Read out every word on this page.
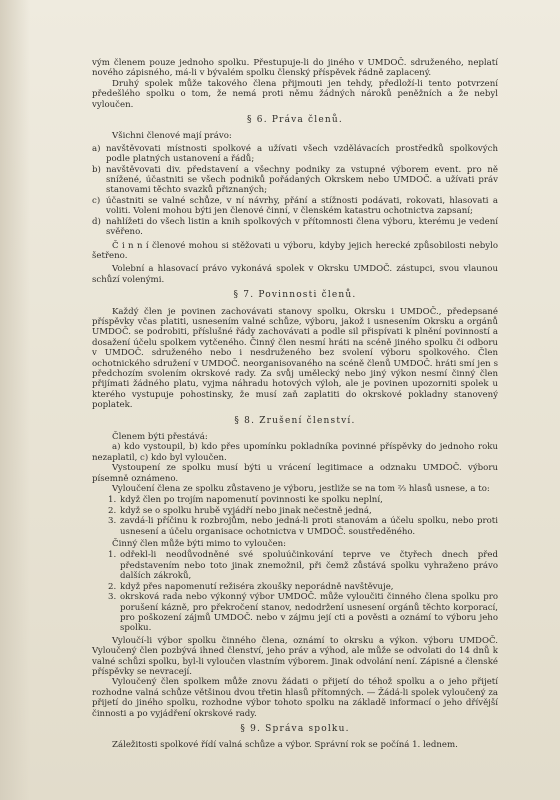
vým členem pouze jednoho spolku. Přestupuje-li do jiného v UMDOČ. sdruženého, neplatí nového zápisného, má-li v bývalém spolku členský příspěvek řádně zaplacený.

Druhý spolek může takového člena přijmouti jen tehdy, předloží-li tento potvrzení předešlého spolku o tom, že nemá proti němu žádných nároků peněžních a že nebyl vyloučen.

§ 6. Práva členů.

Všichni členové mají právo:

a) navštěvovati místnosti spolkové a užívati všech vzdělávacích prostředků spolkových podle platných ustanovení a řádů;
b) navštěvovati div. představení a všechny podniky za vstupné výborem event. pro ně snížené, účastniti se všech podniků pořádaných Okrskem nebo UMDOČ. a užívati práv stanovami těchto svazků přiznaných;
c) účastniti se valné schůze, v ní návrhy, přání a stížnosti podávati, rokovati, hlasovati a voliti. Voleni mohou býti jen členové činní, v členském katastru ochotnictva zapsaní;
d) nahlížeti do všech listin a knih spolkových v přítomnosti člena výboru, kterému je vedení svěřeno.

Č i n n í členové mohou si stěžovati u výboru, kdyby jejich herecké způsobilosti nebylo šetřeno.

Volební a hlasovací právo vykonává spolek v Okrsku UMDOČ. zástupci, svou vlaunou schůzí volenými.

§ 7. Povinnosti členů.

Každý člen je povinen zachovávati stanovy spolku, Okrsku i UMDOČ., předepsané příspěvky včas platiti, usnesením valné schůze, výboru, jakož i usnesením Okrsku a orgánů UMDOČ. se podrobiti, příslušné řády zachovávati a podle sil přispívati k plnění povinností a dosažení účelu spolkem vytčeného. Činný člen nesmí hráti na scéně jiného spolku či odboru v UMDOČ. sdruženého nebo i nesdruženého bez svolení výboru spolkového. Člen ochotnického sdružení v UMDOČ. neorganisovaného na scéně členů UMDOČ. hráti smí jen s předchozím svolením okrskové rady. Za svůj umělecký nebo jiný výkon nesmí činný člen přijímati žádného platu, vyjma náhradu hotových výloh, ale je povinen upozorniti spolek u kterého vystupuje pohostinsky, že musí zaň zaplatiti do okrskové pokladny stanovený poplatek.

§ 8. Zrušení členství.

Členem býti přestává:

a) kdo vystoupil, b) kdo přes upomínku pokladníka povinné příspěvky do jednoho roku nezaplatil, c) kdo byl vyloučen.

Vystoupení ze spolku musí býti u vrácení legitimace a odznaku UMDOČ. výboru písemně oznámeno.

Vyloučení člena ze spolku zůstaveno je výboru, jestliže se na tom ⅔ hlasů usnese, a to:

1. když člen po trojím napomenutí povinnosti ke spolku neplní,
2. když se o spolku hrubě vyjádří nebo jinak nečestně jedná,
3. zavdá-li příčinu k rozbrojům, nebo jedná-li proti stanovám a účelu spolku, nebo proti usnesení a účelu organisace ochotnictva v UMDOČ. soustředěného.

Činný člen může býti mimo to vyloučen:

1. odřekl-li neodůvodněné své spoluúčinkování teprve ve čtyřech dnech před představením nebo toto jinak znemožnil, při čemž zůstává spolku vyhraženo právo dalších zákroků,
2. když přes napomenutí režiséra zkoušky neporádně navštěvuje,
3. okrsková rada nebo výkonný výbor UMDOČ. může vyloučiti činného člena spolku pro porušení kázně, pro překročení stanov, nedodržení usnesení orgánů těchto korporací, pro poškození zájmů UMDOČ. nebo v zájmu její cti a pověsti a oznámí to výboru jeho spolku.

Vyloučí-li výbor spolku činného člena, oznámí to okrsku a výkon. výboru UMDOČ. Vyloučený člen pozbývá ihned členství, jeho práv a výhod, ale může se odvolati do 14 dnů k valné schůzi spolku, byl-li vyloučen vlastním výborem. Jinak odvolání není. Zápisné a členské příspěvky se nevracejí.

Vyloučený člen spolkem může znovu žádati o přijetí do téhož spolku a o jeho přijetí rozhodne valná schůze většinou dvou třetin hlasů přítomných. — Žádá-li spolek vyloučený za přijetí do jiného spolku, rozhodne výbor tohoto spolku na základě informací o jeho dřívější činnosti a po vyjádření okrskové rady.

§ 9. Správa spolku.

Záležitosti spolkové řídí valná schůze a výbor. Správní rok se počíná 1. lednem.
